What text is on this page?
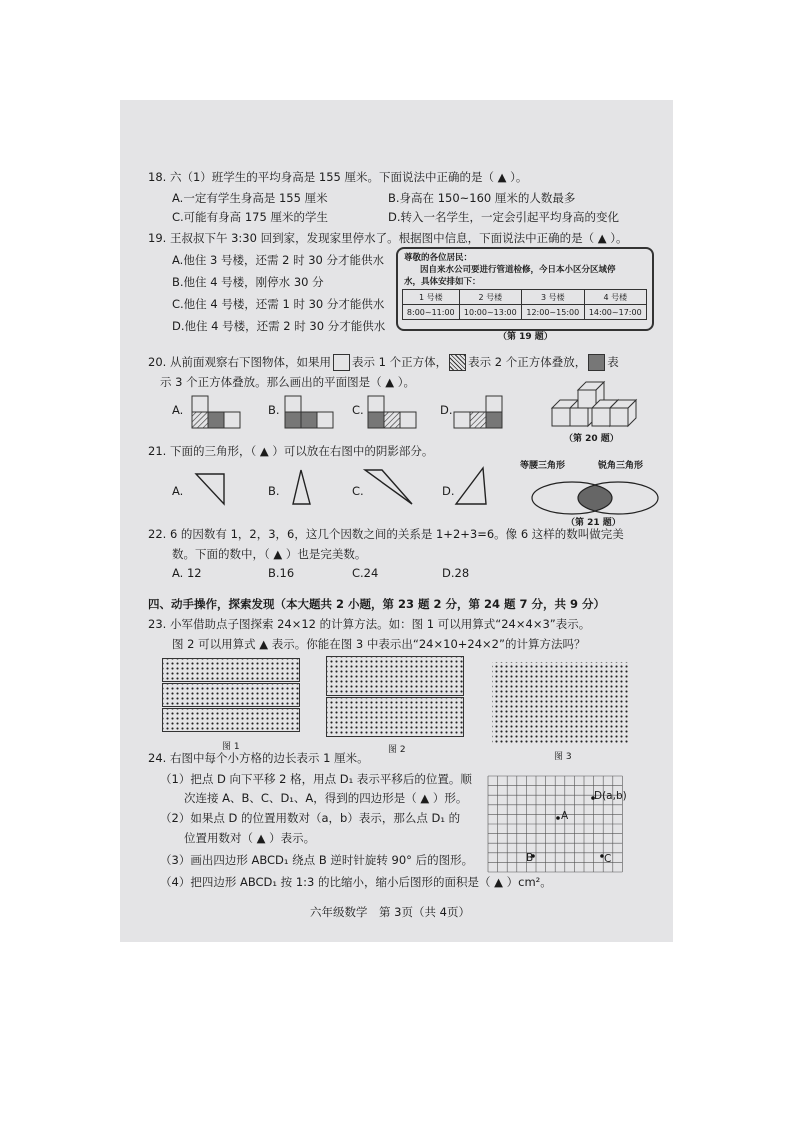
18. 六（1）班学生的平均身高是 155 厘米。下面说法中正确的是（ ▲ ）。
A.一定有学生身高是 155 厘米	B.身高在 150~160 厘米的人数最多
C.可能有身高 175 厘米的学生	D.转入一名学生，一定会引起平均身高的变化
19. 王叔叔下午 3:30 回到家，发现家里停水了。根据图中信息，下面说法中正确的是（ ▲ ）。
A.他住 3 号楼，还需 2 时 30 分才能供水
B.他住 4 号楼，刚停水 30 分
C.他住 4 号楼，还需 1 时 30 分才能供水
D.他住 4 号楼，还需 2 时 30 分才能供水
尊敬的各位居民：
因自来水公司要进行管道检修，今日本小区分区域停
水，具体安排如下：
1 号楼	2 号楼	3 号楼	4 号楼
8:00~11:00	10:00~13:00	12:00~15:00	14:00~17:00
（第 19 题）
20. 从前面观察右下图物体，如果用 表示 1 个正方体， 表示 2 个正方体叠放， 表
示 3 个正方体叠放。那么画出的平面图是（ ▲ ）。
A.	B.	C.	D.
（第 20 题）
21. 下面的三角形，（ ▲ ）可以放在右图中的阴影部分。
A.	B.	C.	D.
等腰三角形	锐角三角形
（第 21 题）
22. 6 的因数有 1，2，3，6，这几个因数之间的关系是 1+2+3=6。像 6 这样的数叫做完美
数。下面的数中，（ ▲ ）也是完美数。
A. 12	B.16	C.24	D.28
四、动手操作，探索发现（本大题共 2 小题，第 23 题 2 分，第 24 题 7 分，共 9 分）
23. 小军借助点子图探索 24×12 的计算方法。如：图 1 可以用算式“24×4×3”表示。
图 2 可以用算式 ▲ 表示。你能在图 3 中表示出“24×10+24×2”的计算方法吗？
图 1	图 2
图 3
24. 右图中每个小方格的边长表示 1 厘米。
（1）把点 D 向下平移 2 格，用点 D₁ 表示平移后的位置。顺
次连接 A、B、C、D₁、A，得到的四边形是（ ▲ ）形。
（2）如果点 D 的位置用数对（a，b）表示，那么点 D₁ 的
位置用数对（ ▲ ）表示。
（3）画出四边形 ABCD₁ 绕点 B 逆时针旋转 90° 后的图形。
（4）把四边形 ABCD₁ 按 1:3 的比缩小，缩小后图形的面积是（ ▲ ）cm²。
D(a,b)
A
B	C
六年级数学　第 3页（共 4页）
